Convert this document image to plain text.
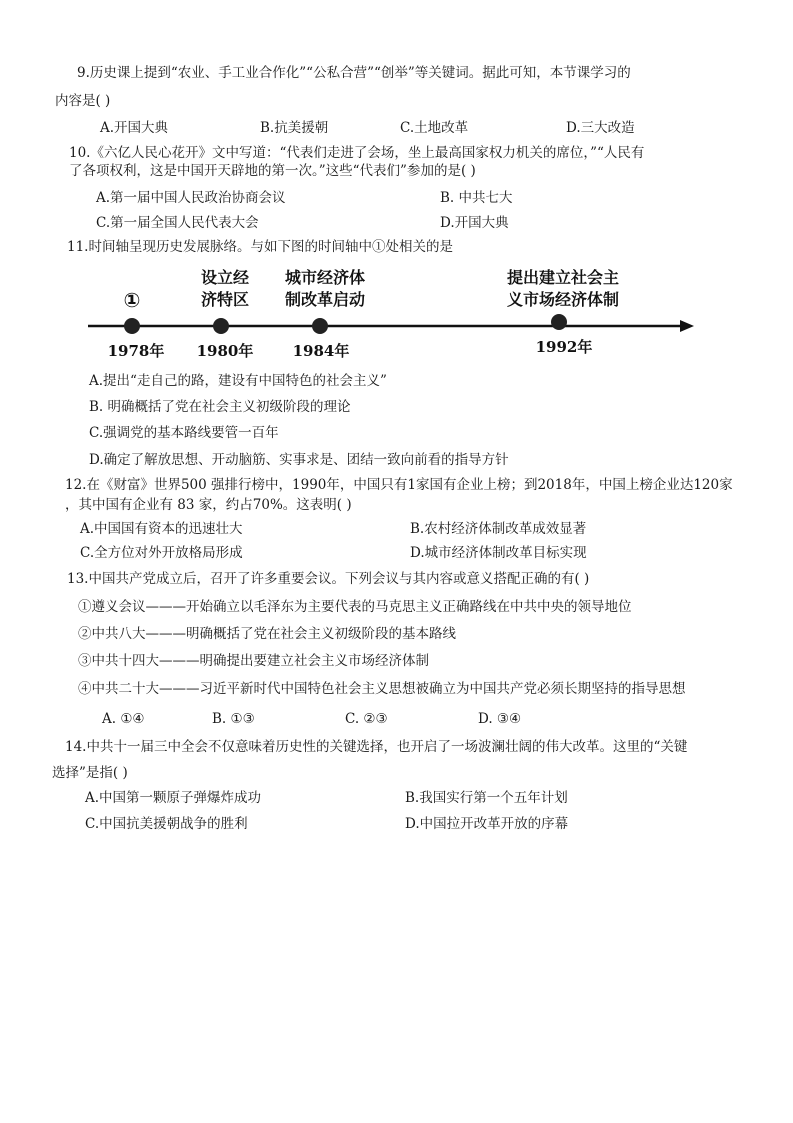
9.历史课上提到“农业、手工业合作化”“公私合营”“创举”等关键词。据此可知，本节课学习的
内容是( )
A.开国大典	B.抗美援朝	C.土地改革	D.三大改造
10.《六亿人民心花开》文中写道：“代表们走进了会场，坐上最高国家权力机关的席位，”“人民有
了各项权利，这是中国开天辟地的第一次。”这些“代表们”参加的是( )
A.第一届中国人民政治协商会议	B. 中共七大
C.第一届全国人民代表大会	D.开国大典
11.时间轴呈现历史发展脉络。与如下图的时间轴中①处相关的是
①
设立经
济特区
城市经济体
制改革启动
提出建立社会主
义市场经济体制
1978年 1980年	1984年	1992年
A.提出“走自己的路，建设有中国特色的社会主义”
B. 明确概括了党在社会主义初级阶段的理论
C.强调党的基本路线要管一百年
D.确定了解放思想、开动脑筋、实事求是、团结一致向前看的指导方针
12.在《财富》世界500 强排行榜中，1990年，中国只有1家国有企业上榜；到2018年，中国上榜企业达120家
，其中国有企业有 83 家，约占70%。这表明( )
A.中国国有资本的迅速壮大	B.农村经济体制改革成效显著
C.全方位对外开放格局形成	D.城市经济体制改革目标实现
13.中国共产党成立后，召开了许多重要会议。下列会议与其内容或意义搭配正确的有( )
①遵义会议———开始确立以毛泽东为主要代表的马克思主义正确路线在中共中央的领导地位
②中共八大———明确概括了党在社会主义初级阶段的基本路线
③中共十四大———明确提出要建立社会主义市场经济体制
④中共二十大———习近平新时代中国特色社会主义思想被确立为中国共产党必须长期坚持的指导思想
A. ①④	B. ①③	C. ②③	D. ③④
14.中共十一届三中全会不仅意味着历史性的关键选择，也开启了一场波澜壮阔的伟大改革。这里的“关键
选择”是指( )
A.中国第一颗原子弹爆炸成功	B.我国实行第一个五年计划
C.中国抗美援朝战争的胜利	D.中国拉开改革开放的序幕
